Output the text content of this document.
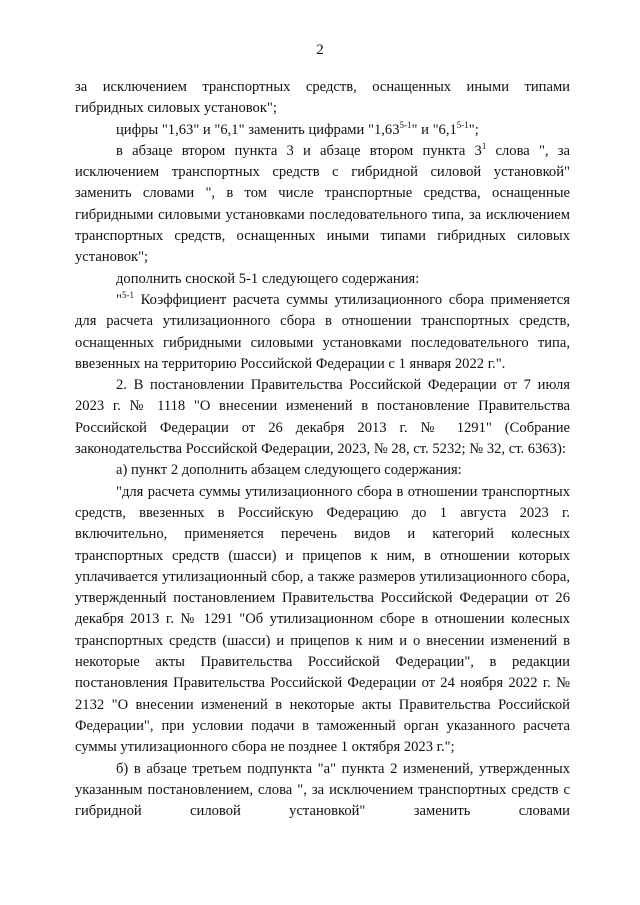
2

за исключением транспортных средств, оснащенных иными типами гибридных силовых установок";

цифры "1,63" и "6,1" заменить цифрами "1,63$^{5-1}$" и "6,1$^{5-1}$";

в абзаце втором пункта 3 и абзаце втором пункта $3^1$ слова ", за исключением транспортных средств с гибридной силовой установкой" заменить словами ", в том числе транспортные средства, оснащенные гибридными силовыми установками последовательного типа, за исключением транспортных средств, оснащенных иными типами гибридных силовых установок";

дополнить сноской 5-1 следующего содержания:

"$^{5-1}$ Коэффициент расчета суммы утилизационного сбора применяется для расчета утилизационного сбора в отношении транспортных средств, оснащенных гибридными силовыми установками последовательного типа, ввезенных на территорию Российской Федерации с 1 января 2022 г.".

2. В постановлении Правительства Российской Федерации от 7 июля 2023 г. № 1118 "О внесении изменений в постановление Правительства Российской Федерации от 26 декабря 2013 г. № 1291" (Собрание законодательства Российской Федерации, 2023, № 28, ст. 5232; № 32, ст. 6363):

а) пункт 2 дополнить абзацем следующего содержания:

"для расчета суммы утилизационного сбора в отношении транспортных средств, ввезенных в Российскую Федерацию до 1 августа 2023 г. включительно, применяется перечень видов и категорий колесных транспортных средств (шасси) и прицепов к ним, в отношении которых уплачивается утилизационный сбор, а также размеров утилизационного сбора, утвержденный постановлением Правительства Российской Федерации от 26 декабря 2013 г. № 1291 "Об утилизационном сборе в отношении колесных транспортных средств (шасси) и прицепов к ним и о внесении изменений в некоторые акты Правительства Российской Федерации", в редакции постановления Правительства Российской Федерации от 24 ноября 2022 г. № 2132 "О внесении изменений в некоторые акты Правительства Российской Федерации", при условии подачи в таможенный орган указанного расчета суммы утилизационного сбора не позднее 1 октября 2023 г.";

б) в абзаце третьем подпункта "а" пункта 2 изменений, утвержденных указанным постановлением, слова ", за исключением транспортных средств с гибридной силовой установкой" заменить словами
